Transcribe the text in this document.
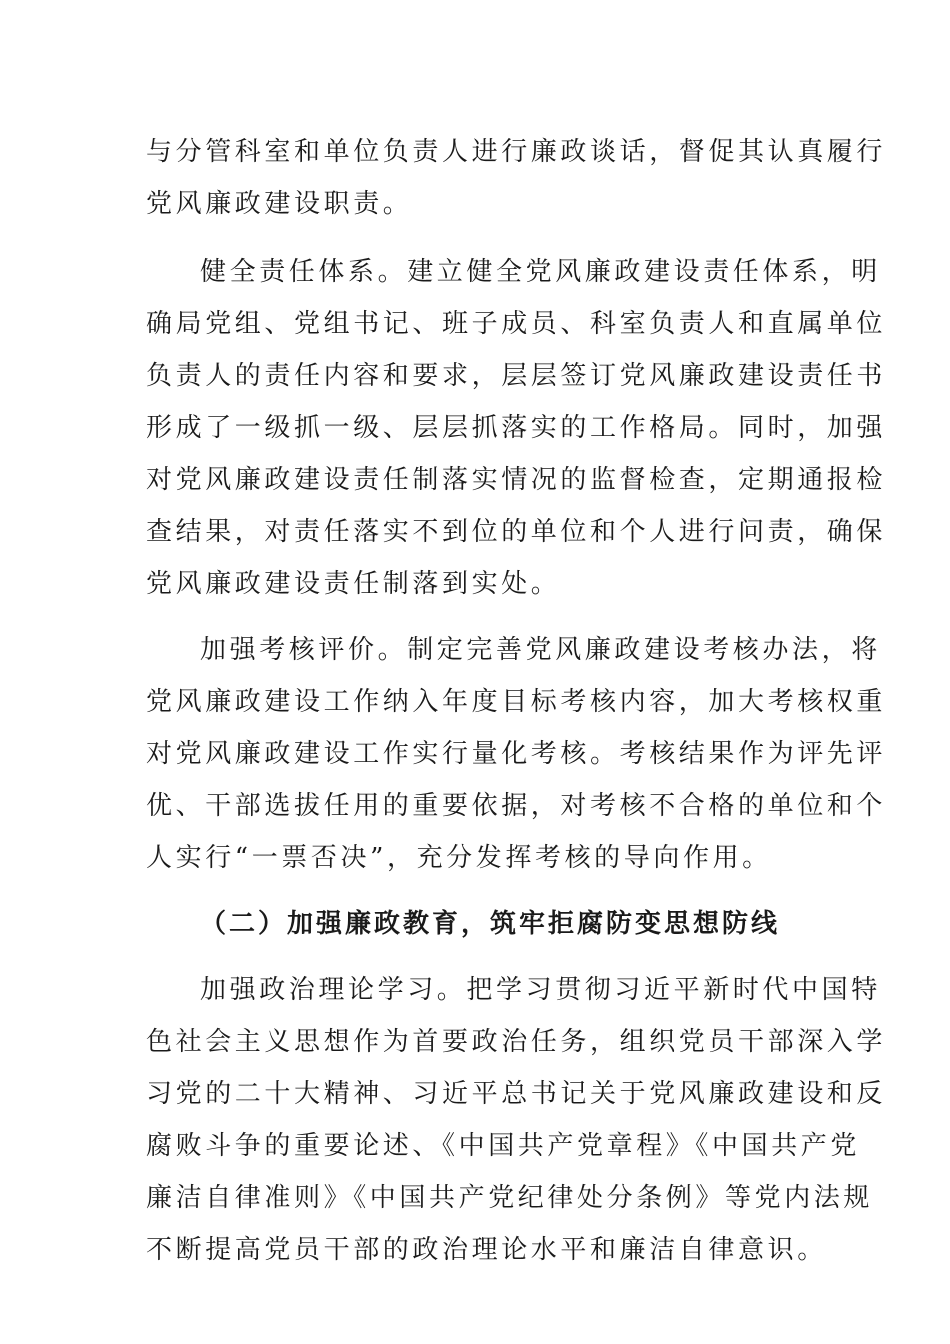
与分管科室和单位负责人进行廉政谈话，督促其认真履行
党风廉政建设职责。

健全责任体系。建立健全党风廉政建设责任体系，明
确局党组、党组书记、班子成员、科室负责人和直属单位
负责人的责任内容和要求，层层签订党风廉政建设责任书
形成了一级抓一级、层层抓落实的工作格局。同时，加强
对党风廉政建设责任制落实情况的监督检查，定期通报检
查结果，对责任落实不到位的单位和个人进行问责，确保
党风廉政建设责任制落到实处。

加强考核评价。制定完善党风廉政建设考核办法，将
党风廉政建设工作纳入年度目标考核内容，加大考核权重
对党风廉政建设工作实行量化考核。考核结果作为评先评
优、干部选拔任用的重要依据，对考核不合格的单位和个
人实行“一票否决”，充分发挥考核的导向作用。

（二）加强廉政教育，筑牢拒腐防变思想防线

加强政治理论学习。把学习贯彻习近平新时代中国特
色社会主义思想作为首要政治任务，组织党员干部深入学
习党的二十大精神、习近平总书记关于党风廉政建设和反
腐败斗争的重要论述、《中国共产党章程》《中国共产党
廉洁自律准则》《中国共产党纪律处分条例》等党内法规
不断提高党员干部的政治理论水平和廉洁自律意识。
